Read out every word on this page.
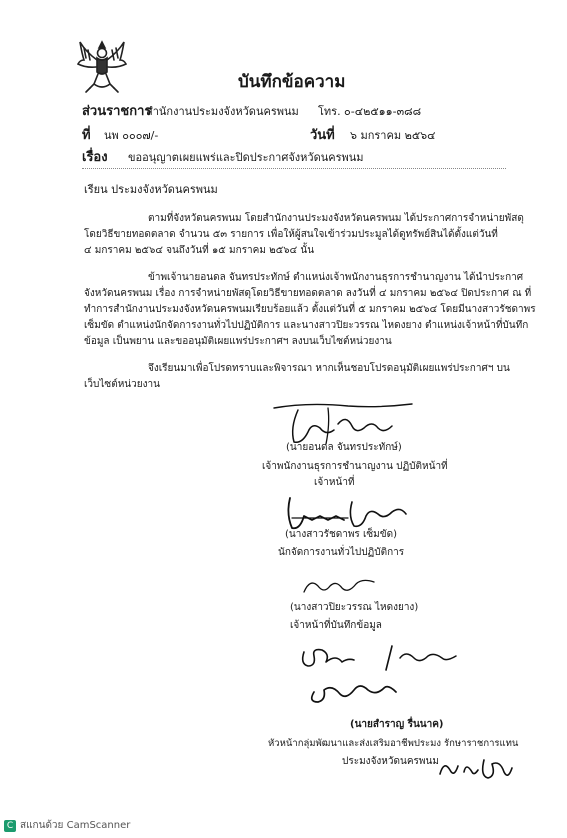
บันทึกข้อความ
ส่วนราชการ
สำนักงานประมงจังหวัดนครพนม โทร. ๐-๔๒๕๑๑-๓๘๘
ที่ นพ ๐๐๐๗/-	วันที่ ๖ มกราคม ๒๕๖๔
เรื่อง ขออนุญาตเผยแพร่และปิดประกาศจังหวัดนครพนม
เรียน ประมงจังหวัดนครพนม
ตามที่จังหวัดนครพนม โดยสำนักงานประมงจังหวัดนครพนม ได้ประกาศการจำหน่ายพัสดุ
โดยวิธีขายทอดตลาด จำนวน ๕๓ รายการ เพื่อให้ผู้สนใจเข้าร่วมประมูลได้ดูทรัพย์สินได้ตั้งแต่วันที่
๔ มกราคม ๒๕๖๔ จนถึงวันที่ ๑๕ มกราคม ๒๕๖๔ นั้น
ข้าพเจ้านายอนดล จันทรประทักษ์ ตำแหน่งเจ้าพนักงานธุรการชำนาญงาน ได้นำประกาศ
จังหวัดนครพนม เรื่อง การจำหน่ายพัสดุโดยวิธีขายทอดตลาด ลงวันที่ ๔ มกราคม ๒๕๖๔ ปิดประกาศ ณ ที่
ทำการสำนักงานประมงจังหวัดนครพนมเรียบร้อยแล้ว ตั้งแต่วันที่ ๕ มกราคม ๒๕๖๔ โดยมีนางสาวรัชดาพร
เซ็มขัด ตำแหน่งนักจัดการงานทั่วไปปฏิบัติการ และนางสาวปิยะวรรณ ไหดงยาง ตำแหน่งเจ้าหน้าที่บันทึก
ข้อมูล เป็นพยาน และขออนุมัติเผยแพร่ประกาศฯ ลงบนเว็บไซต์หน่วยงาน
จึงเรียนมาเพื่อโปรดทราบและพิจารณา หากเห็นชอบโปรดอนุมัติเผยแพร่ประกาศฯ บน
เว็บไซต์หน่วยงาน
(นายอนดล จันทรประทักษ์)
เจ้าพนักงานธุรการชำนาญงาน ปฏิบัติหน้าที่
เจ้าหน้าที่
(นางสาวรัชดาพร เซ็มขัด)
นักจัดการงานทั่วไปปฏิบัติการ
(นางสาวปิยะวรรณ ไหดงยาง)
เจ้าหน้าที่บันทึกข้อมูล
(นายสำราญ รื่นนาค)
หัวหน้ากลุ่มพัฒนาและส่งเสริมอาชีพประมง รักษาราชการแทน
ประมงจังหวัดนครพนม
C สแกนด้วย CamScanner
